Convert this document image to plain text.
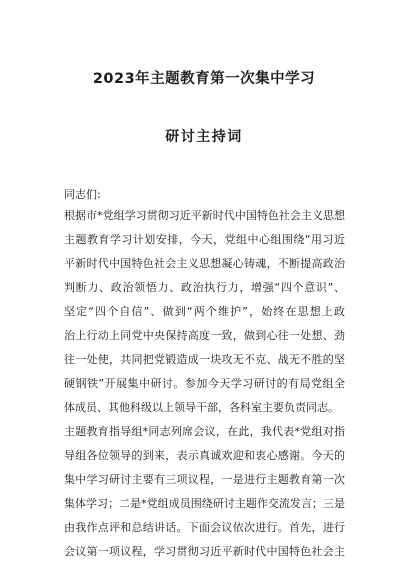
2023年主题教育第一次集中学习
研讨主持词
同志们:
根据市*党组学习贯彻习近平新时代中国特色社会主义思想
主题教育学习计划安排，今天，党组中心组围绕“用习近
平新时代中国特色社会主义思想凝心铸魂，不断提高政治
判断力、政治领悟力、政治执行力，增强“四个意识”、
坚定“四个自信”、做到“两个维护”，始终在思想上政
治上行动上同党中央保持高度一致，做到心往一处想、劲
往一处使，共同把党锻造成一块攻无不克、战无不胜的坚
硬钢铁”开展集中研讨。参加今天学习研讨的有局党组全
体成员、其他科级以上领导干部，各科室主要负责同志。
主题教育指导组*同志列席会议，在此，我代表*党组对指
导组各位领导的到来，表示真诚欢迎和衷心感谢。今天的
集中学习研讨主要有三项议程，一是进行主题教育第一次
集体学习；二是*党组成员围绕研讨主题作交流发言；三是
由我作点评和总结讲话。下面会议依次进行。首先，进行
会议第一项议程，学习贯彻习近平新时代中国特色社会主
